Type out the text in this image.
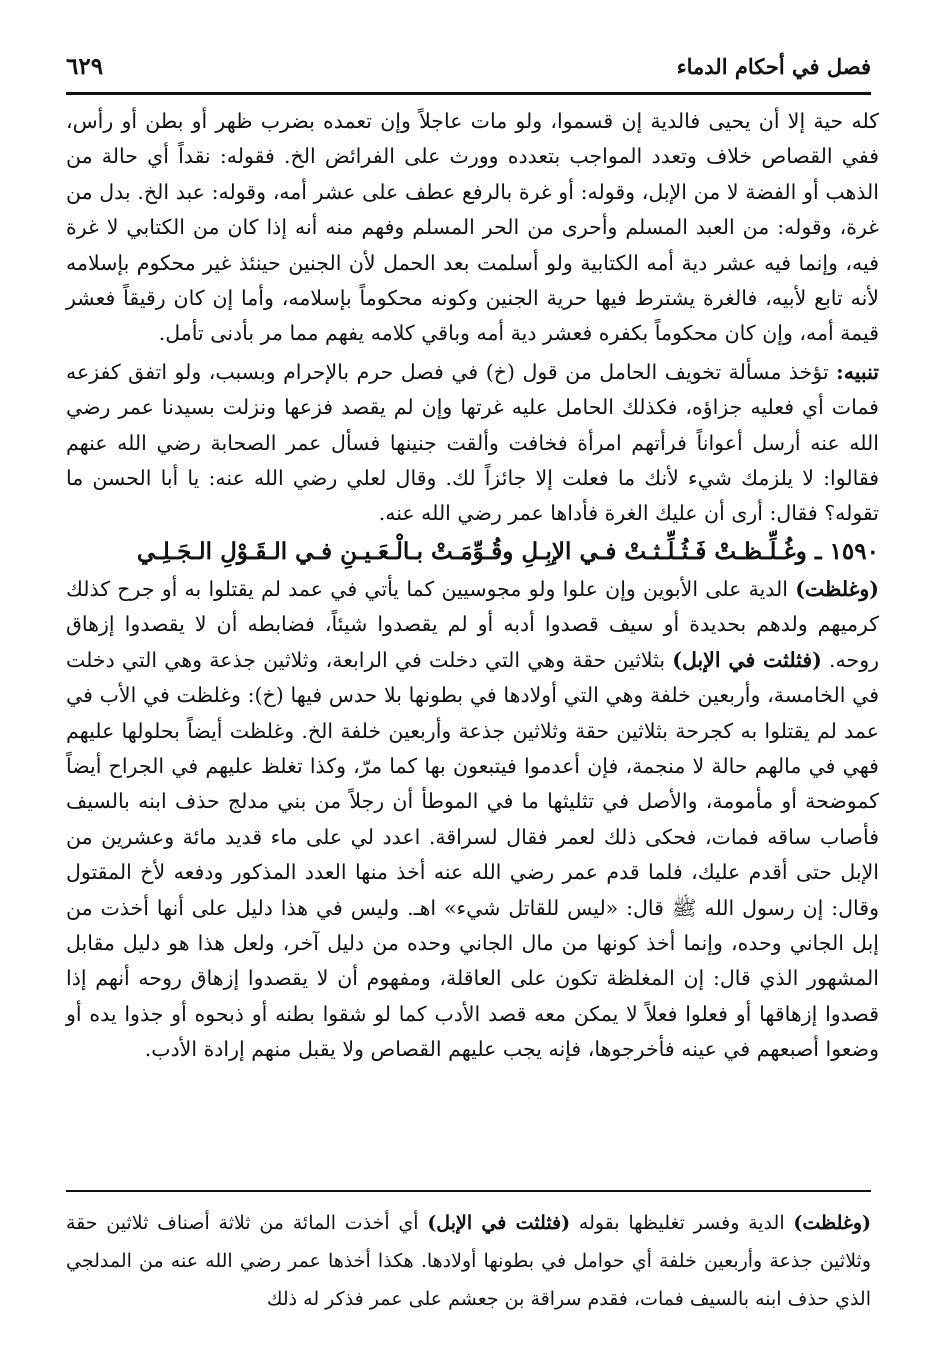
٦٢٩	فصل في أحكام الدماء

كله حية إلا أن يحيى فالدية إن قسموا، ولو مات عاجلاً وإن تعمده بضرب ظهر أو بطن أو رأس، ففي القصاص خلاف وتعدد المواجب بتعدده وورث على الفرائض الخ. فقوله: نقداً أي حالة من الذهب أو الفضة لا من الإبل، وقوله: أو غرة بالرفع عطف على عشر أمه، وقوله: عبد الخ. بدل من غرة، وقوله: من العبد المسلم وأحرى من الحر المسلم وفهم منه أنه إذا كان من الكتابي لا غرة فيه، وإنما فيه عشر دية أمه الكتابية ولو أسلمت بعد الحمل لأن الجنين حينئذ غير محكوم بإسلامه لأنه تابع لأبيه، فالغرة يشترط فيها حرية الجنين وكونه محكوماً بإسلامه، وأما إن كان رقيقاً فعشر قيمة أمه، وإن كان محكوماً بكفره فعشر دية أمه وباقي كلامه يفهم مما مر بأدنى تأمل.

تنبيه: تؤخذ مسألة تخويف الحامل من قول (خ) في فصل حرم بالإحرام وبسبب، ولو اتفق كفزعه فمات أي فعليه جزاؤه، فكذلك الحامل عليه غرتها وإن لم يقصد فزعها ونزلت بسيدنا عمر رضي الله عنه أرسل أعواناً فرأتهم امرأة فخافت وألقت جنينها فسأل عمر الصحابة رضي الله عنهم فقالوا: لا يلزمك شيء لأنك ما فعلت إلا جائزاً لك. وقال لعلي رضي الله عنه: يا أبا الحسن ما تقوله؟ فقال: أرى أن عليك الغرة فأداها عمر رضي الله عنه.

١٥٩٠ ـ وغُـلِّـظـتْ فَـثُـلِّـثـتْ فـي الإبِـلِ وقُـوِّمَـتْ بـالْـعَـيـنِ فـي الـقَـوْلِ الـجَـلِـي

(وغلظت) الدية على الأبوين وإن علوا ولو مجوسيين كما يأتي في عمد لم يقتلوا به أو جرح كذلك كرميهم ولدهم بحديدة أو سيف قصدوا أدبه أو لم يقصدوا شيئاً، فضابطه أن لا يقصدوا إزهاق روحه. (فثلثت في الإبل) بثلاثين حقة وهي التي دخلت في الرابعة، وثلاثين جذعة وهي التي دخلت في الخامسة، وأربعين خلفة وهي التي أولادها في بطونها بلا حدس فيها (خ): وغلظت في الأب في عمد لم يقتلوا به كجرحة بثلاثين حقة وثلاثين جذعة وأربعين خلفة الخ. وغلظت أيضاً بحلولها عليهم فهي في مالهم حالة لا منجمة، فإن أعدموا فيتبعون بها كما مرّ، وكذا تغلظ عليهم في الجراح أيضاً كموضحة أو مأمومة، والأصل في تثليثها ما في الموطأ أن رجلاً من بني مدلج حذف ابنه بالسيف فأصاب ساقه فمات، فحكى ذلك لعمر فقال لسراقة. اعدد لي على ماء قديد مائة وعشرين من الإبل حتى أقدم عليك، فلما قدم عمر رضي الله عنه أخذ منها العدد المذكور ودفعه لأخ المقتول وقال: إن رسول الله ﷺ قال: «ليس للقاتل شيء» اهـ. وليس في هذا دليل على أنها أخذت من إبل الجاني وحده، وإنما أخذ كونها من مال الجاني وحده من دليل آخر، ولعل هذا هو دليل مقابل المشهور الذي قال: إن المغلظة تكون على العاقلة، ومفهوم أن لا يقصدوا إزهاق روحه أنهم إذا قصدوا إزهاقها أو فعلوا فعلاً لا يمكن معه قصد الأدب كما لو شقوا بطنه أو ذبحوه أو جذوا يده أو وضعوا أصبعهم في عينه فأخرجوها، فإنه يجب عليهم القصاص ولا يقبل منهم إرادة الأدب.

(وغلظت) الدية وفسر تغليظها بقوله (فثلثت في الإبل) أي أخذت المائة من ثلاثة أصناف ثلاثين حقة وثلاثين جذعة وأربعين خلفة أي حوامل في بطونها أولادها. هكذا أخذها عمر رضي الله عنه من المدلجي الذي حذف ابنه بالسيف فمات، فقدم سراقة بن جعشم على عمر فذكر له ذلك
